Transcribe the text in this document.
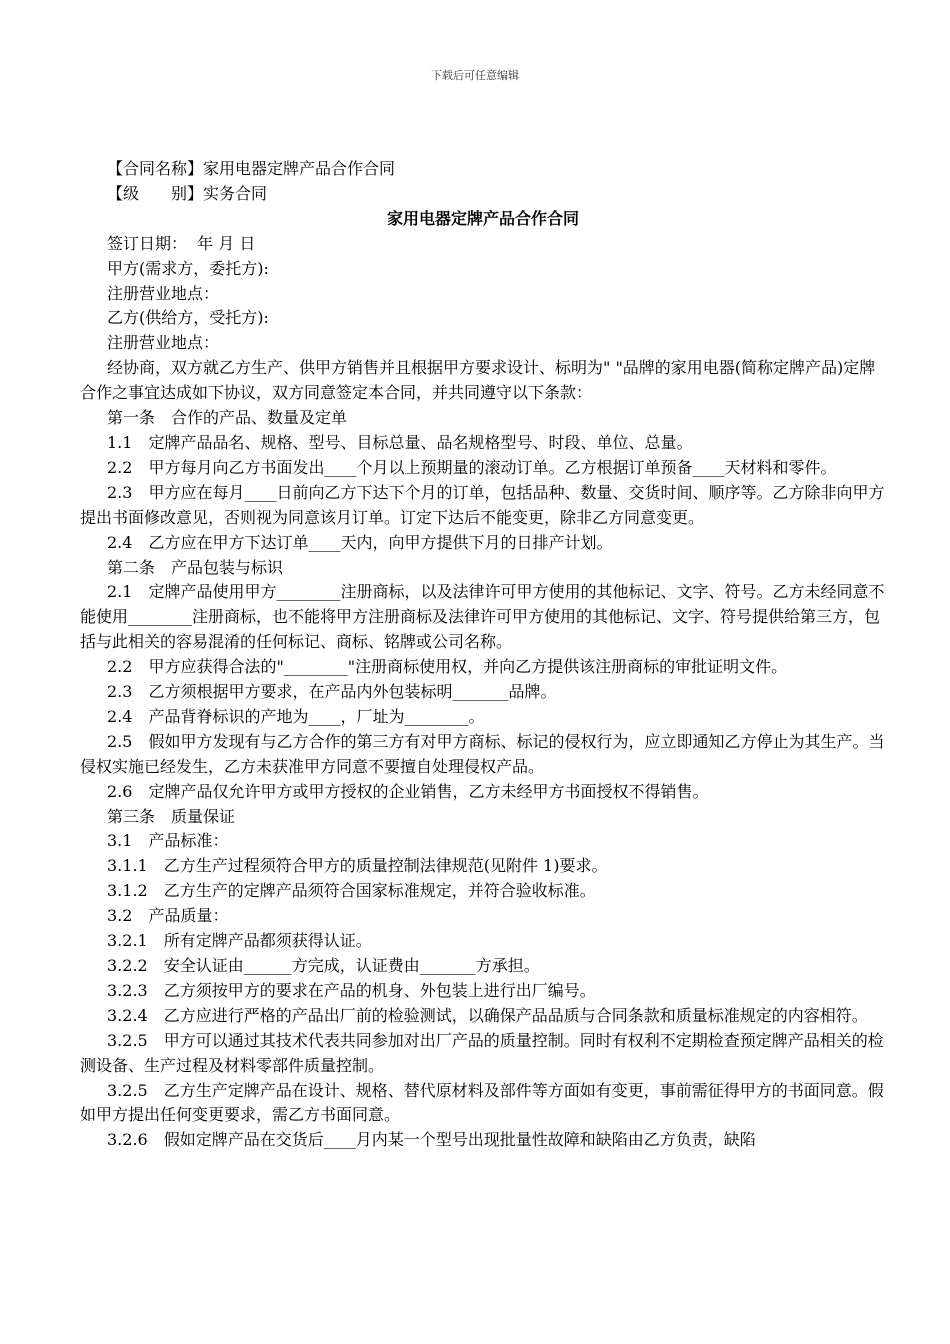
下载后可任意编辑
【合同名称】家用电器定牌产品合作合同
【级　　别】实务合同
家用电器定牌产品合作合同
签订日期：  年 月 日
甲方(需求方，委托方):
注册营业地点：
乙方(供给方，受托方):
注册营业地点：
经协商，双方就乙方生产、供甲方销售并且根据甲方要求设计、标明为" "品牌的家用电器(简称定牌产品)定牌合作之事宜达成如下协议，双方同意签定本合同，并共同遵守以下条款：
第一条　合作的产品、数量及定单
1.1　定牌产品品名、规格、型号、目标总量、品名规格型号、时段、单位、总量。
2.2　甲方每月向乙方书面发出____个月以上预期量的滚动订单。乙方根据订单预备____天材料和零件。
2.3　甲方应在每月____日前向乙方下达下个月的订单，包括品种、数量、交货时间、顺序等。乙方除非向甲方提出书面修改意见，否则视为同意该月订单。订定下达后不能变更，除非乙方同意变更。
2.4　乙方应在甲方下达订单____天内，向甲方提供下月的日排产计划。
第二条　产品包装与标识
2.1　定牌产品使用甲方________注册商标，以及法律许可甲方使用的其他标记、文字、符号。乙方未经同意不能使用________注册商标，也不能将甲方注册商标及法律许可甲方使用的其他标记、文字、符号提供给第三方，包括与此相关的容易混淆的任何标记、商标、铭牌或公司名称。
2.2　甲方应获得合法的"________"注册商标使用权，并向乙方提供该注册商标的审批证明文件。
2.3　乙方须根据甲方要求，在产品内外包装标明_______品牌。
2.4　产品背脊标识的产地为____，厂址为________。
2.5　假如甲方发现有与乙方合作的第三方有对甲方商标、标记的侵权行为，应立即通知乙方停止为其生产。当侵权实施已经发生，乙方未获准甲方同意不要擅自处理侵权产品。
2.6　定牌产品仅允许甲方或甲方授权的企业销售，乙方未经甲方书面授权不得销售。
第三条　质量保证
3.1　产品标准：
3.1.1　乙方生产过程须符合甲方的质量控制法律规范(见附件 1)要求。
3.1.2　乙方生产的定牌产品须符合国家标准规定，并符合验收标准。
3.2　产品质量：
3.2.1　所有定牌产品都须获得认证。
3.2.2　安全认证由______方完成，认证费由_______方承担。
3.2.3　乙方须按甲方的要求在产品的机身、外包装上进行出厂编号。
3.2.4　乙方应进行严格的产品出厂前的检验测试，以确保产品品质与合同条款和质量标准规定的内容相符。
3.2.5　甲方可以通过其技术代表共同参加对出厂产品的质量控制。同时有权利不定期检查预定牌产品相关的检测设备、生产过程及材料零部件质量控制。
3.2.5　乙方生产定牌产品在设计、规格、替代原材料及部件等方面如有变更，事前需征得甲方的书面同意。假如甲方提出任何变更要求，需乙方书面同意。
3.2.6　假如定牌产品在交货后____月内某一个型号出现批量性故障和缺陷由乙方负责，缺陷
